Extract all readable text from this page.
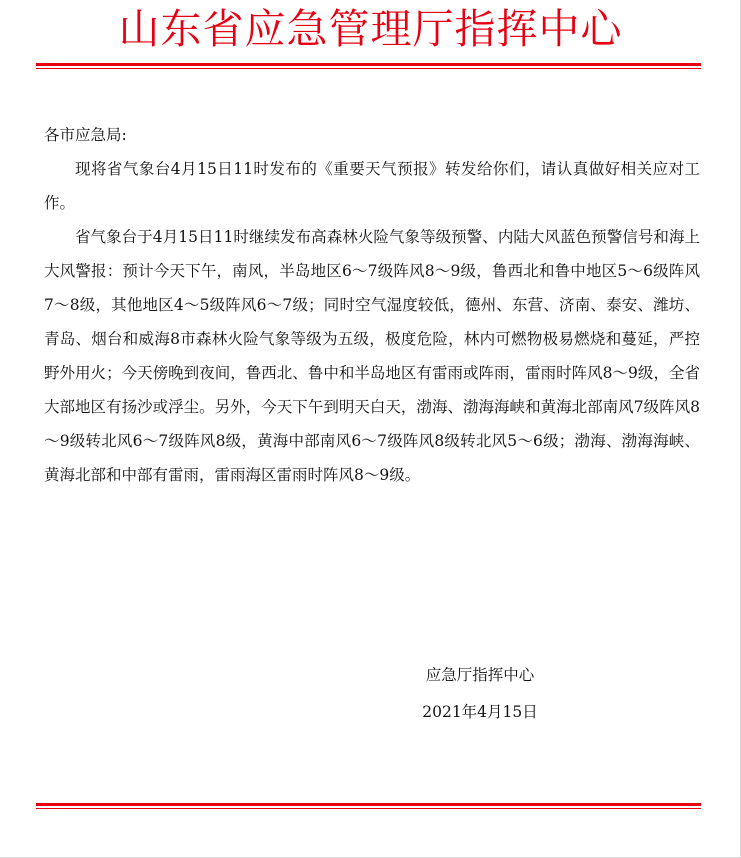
山东省应急管理厅指挥中心

各市应急局:

现将省气象台4月15日11时发布的《重要天气预报》转发给你们，请认真做好相关应对工作。

省气象台于4月15日11时继续发布高森林火险气象等级预警、内陆大风蓝色预警信号和海上大风警报：预计今天下午，南风，半岛地区6～7级阵风8～9级，鲁西北和鲁中地区5～6级阵风7～8级，其他地区4～5级阵风6～7级；同时空气湿度较低，德州、东营、济南、泰安、潍坊、青岛、烟台和威海8市森林火险气象等级为五级，极度危险，林内可燃物极易燃烧和蔓延，严控野外用火；今天傍晚到夜间，鲁西北、鲁中和半岛地区有雷雨或阵雨，雷雨时阵风8～9级，全省大部地区有扬沙或浮尘。另外，今天下午到明天白天，渤海、渤海海峡和黄海北部南风7级阵风8～9级转北风6～7级阵风8级，黄海中部南风6～7级阵风8级转北风5～6级；渤海、渤海海峡、黄海北部和中部有雷雨，雷雨海区雷雨时阵风8～9级。

应急厅指挥中心
2021年4月15日
